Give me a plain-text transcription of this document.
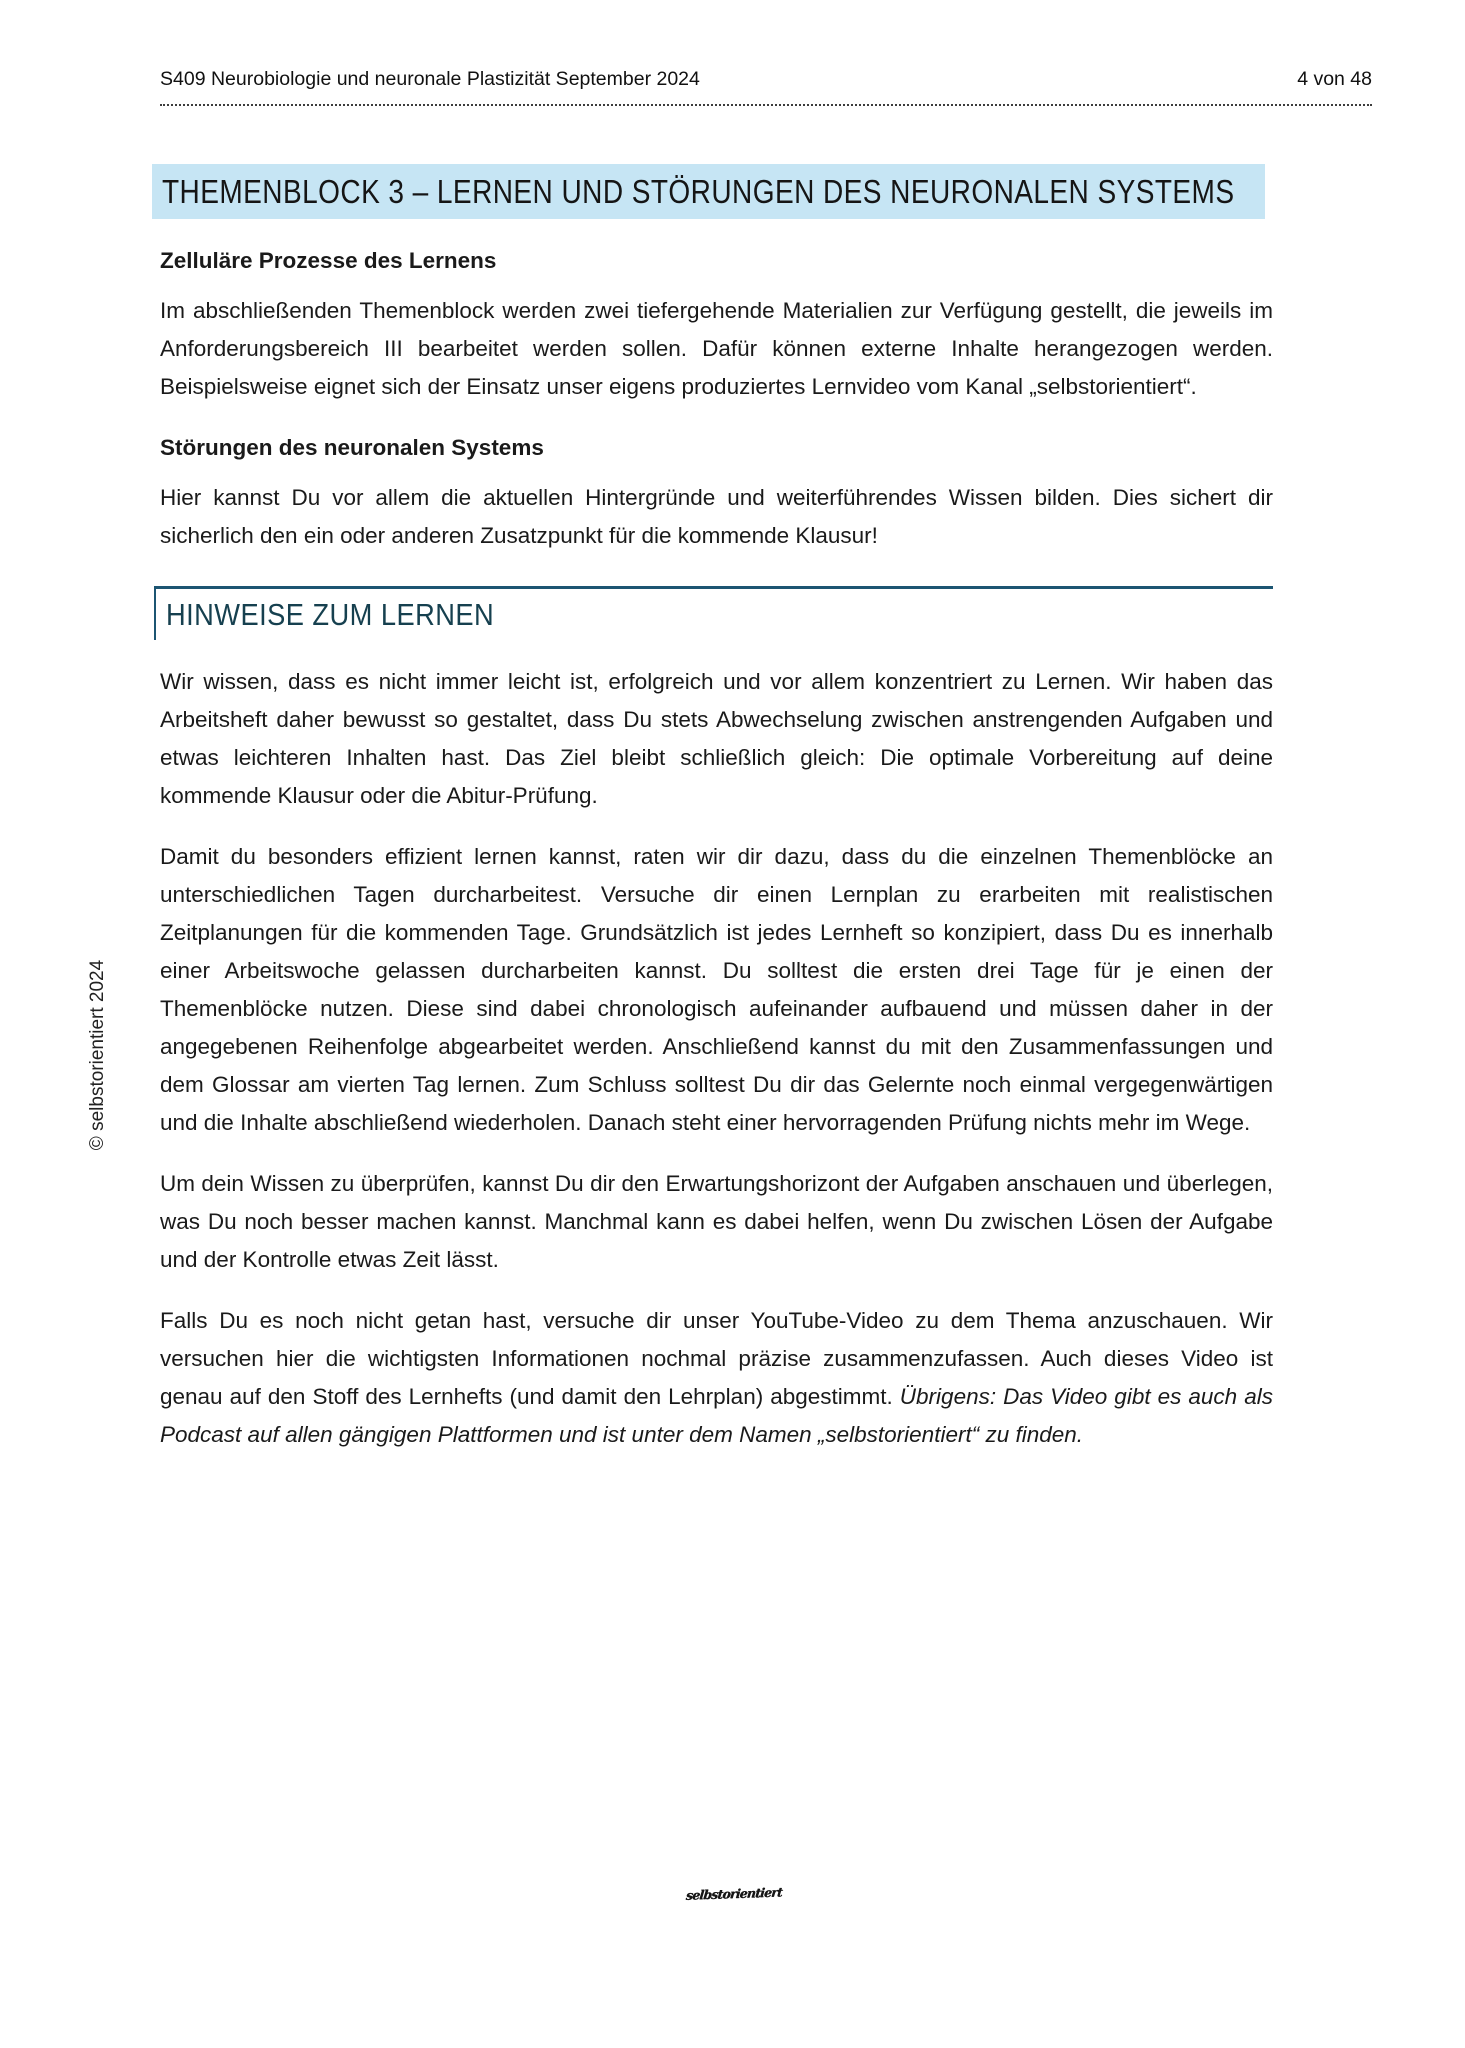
S409 Neurobiologie und neuronale Plastizität September 2024	4 von 48
THEMENBLOCK 3 – LERNEN UND STÖRUNGEN DES NEURONALEN SYSTEMS
Zelluläre Prozesse des Lernens

Im abschließenden Themenblock werden zwei tiefergehende Materialien zur Verfügung gestellt, die jeweils im Anforderungsbereich III bearbeitet werden sollen. Dafür können externe Inhalte herangezogen werden. Beispielsweise eignet sich der Einsatz unser eigens produziertes Lernvideo vom Kanal „selbstorientiert“.

Störungen des neuronalen Systems

Hier kannst Du vor allem die aktuellen Hintergründe und weiterführendes Wissen bilden. Dies sichert dir sicherlich den ein oder anderen Zusatzpunkt für die kommende Klausur!

HINWEISE ZUM LERNEN

Wir wissen, dass es nicht immer leicht ist, erfolgreich und vor allem konzentriert zu Lernen. Wir haben das Arbeitsheft daher bewusst so gestaltet, dass Du stets Abwechselung zwischen anstrengenden Aufgaben und etwas leichteren Inhalten hast. Das Ziel bleibt schließlich gleich: Die optimale Vorbereitung auf deine kommende Klausur oder die Abitur-Prüfung.

Damit du besonders effizient lernen kannst, raten wir dir dazu, dass du die einzelnen Themenblöcke an unterschiedlichen Tagen durcharbeitest. Versuche dir einen Lernplan zu erarbeiten mit realistischen Zeitplanungen für die kommenden Tage. Grundsätzlich ist jedes Lernheft so konzipiert, dass Du es innerhalb einer Arbeitswoche gelassen durcharbeiten kannst. Du solltest die ersten drei Tage für je einen der Themenblöcke nutzen. Diese sind dabei chronologisch aufeinander aufbauend und müssen daher in der angegebenen Reihenfolge abgearbeitet werden. Anschließend kannst du mit den Zusammenfassungen und dem Glossar am vierten Tag lernen. Zum Schluss solltest Du dir das Gelernte noch einmal vergegenwärtigen und die Inhalte abschließend wiederholen. Danach steht einer hervorragenden Prüfung nichts mehr im Wege.

Um dein Wissen zu überprüfen, kannst Du dir den Erwartungshorizont der Aufgaben anschauen und überlegen, was Du noch besser machen kannst. Manchmal kann es dabei helfen, wenn Du zwischen Lösen der Aufgabe und der Kontrolle etwas Zeit lässt.

Falls Du es noch nicht getan hast, versuche dir unser YouTube-Video zu dem Thema anzuschauen. Wir versuchen hier die wichtigsten Informationen nochmal präzise zusammenzufassen. Auch dieses Video ist genau auf den Stoff des Lernhefts (und damit den Lehrplan) abgestimmt. Übrigens: Das Video gibt es auch als Podcast auf allen gängigen Plattformen und ist unter dem Namen „selbstorientiert“ zu finden.

© selbstorientiert 2024
selbstorientiert
